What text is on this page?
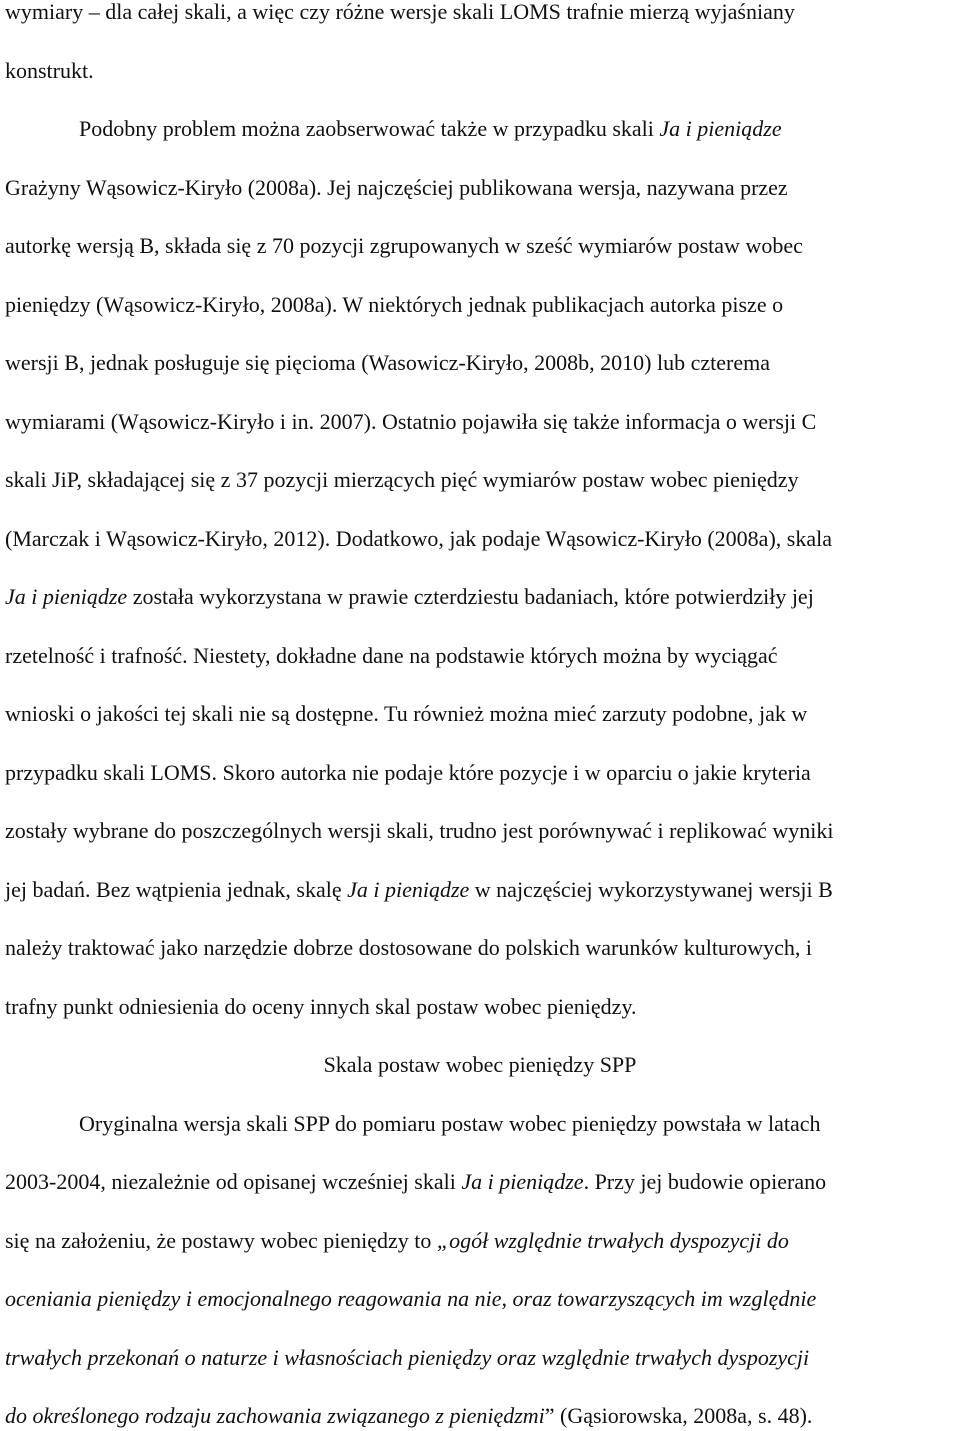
wymiary – dla całej skali, a więc czy różne wersje skali LOMS trafnie mierzą wyjaśniany
konstrukt.
Podobny problem można zaobserwować także w przypadku skali Ja i pieniądze
Grażyny Wąsowicz-Kiryło (2008a). Jej najczęściej publikowana wersja, nazywana przez
autorkę wersją B, składa się z 70 pozycji zgrupowanych w sześć wymiarów postaw wobec
pieniędzy (Wąsowicz-Kiryło, 2008a). W niektórych jednak publikacjach autorka pisze o
wersji B, jednak posługuje się pięcioma (Wasowicz-Kiryło, 2008b, 2010) lub czterema
wymiarami (Wąsowicz-Kiryło i in. 2007). Ostatnio pojawiła się także informacja o wersji C
skali JiP, składającej się z 37 pozycji mierzących pięć wymiarów postaw wobec pieniędzy
(Marczak i Wąsowicz-Kiryło, 2012). Dodatkowo, jak podaje Wąsowicz-Kiryło (2008a), skala
Ja i pieniądze została wykorzystana w prawie czterdziestu badaniach, które potwierdziły jej
rzetelność i trafność. Niestety, dokładne dane na podstawie których można by wyciągać
wnioski o jakości tej skali nie są dostępne. Tu również można mieć zarzuty podobne, jak w
przypadku skali LOMS. Skoro autorka nie podaje które pozycje i w oparciu o jakie kryteria
zostały wybrane do poszczególnych wersji skali, trudno jest porównywać i replikować wyniki
jej badań. Bez wątpienia jednak, skalę Ja i pieniądze w najczęściej wykorzystywanej wersji B
należy traktować jako narzędzie dobrze dostosowane do polskich warunków kulturowych, i
trafny punkt odniesienia do oceny innych skal postaw wobec pieniędzy.
Skala postaw wobec pieniędzy SPP
Oryginalna wersja skali SPP do pomiaru postaw wobec pieniędzy powstała w latach
2003-2004, niezależnie od opisanej wcześniej skali Ja i pieniądze. Przy jej budowie opierano
się na założeniu, że postawy wobec pieniędzy to „ogół względnie trwałych dyspozycji do
oceniania pieniędzy i emocjonalnego reagowania na nie, oraz towarzyszących im względnie
trwałych przekonań o naturze i własnościach pieniędzy oraz względnie trwałych dyspozycji
do określonego rodzaju zachowania związanego z pieniędzmi” (Gąsiorowska, 2008a, s. 48).
